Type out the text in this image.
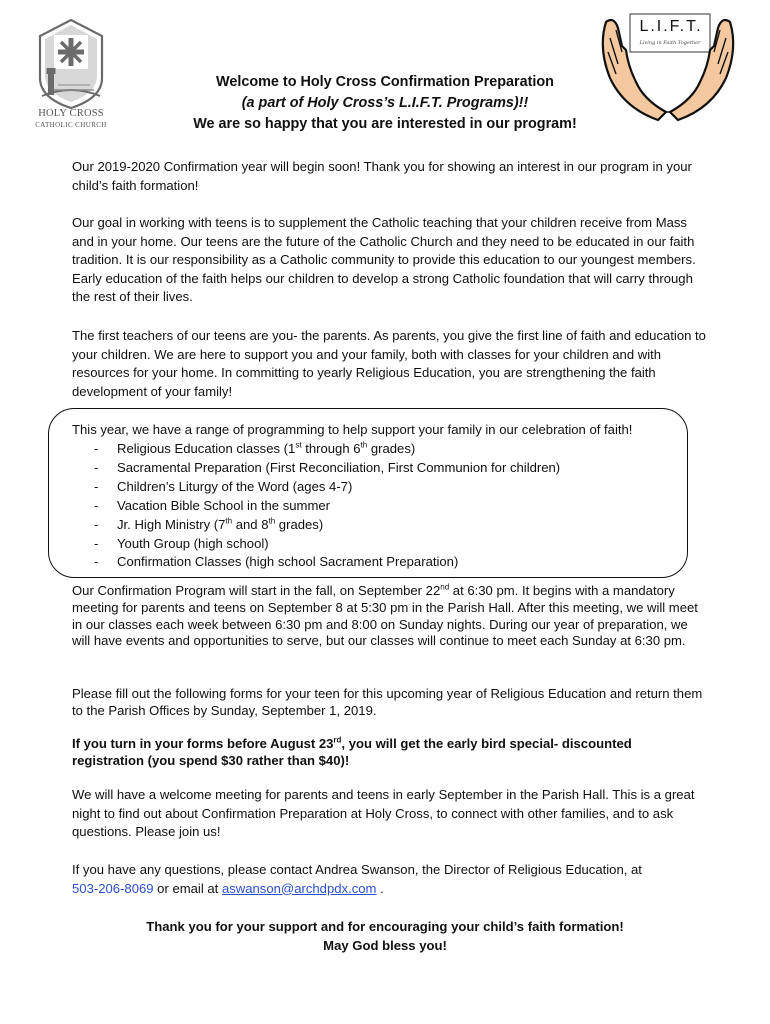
HOLY CROSS
CATHOLIC CHURCH
L.I.F.T.
Living in Faith Together
Welcome to Holy Cross Confirmation Preparation
(a part of Holy Cross’s L.I.F.T. Programs)!!
We are so happy that you are interested in our program!

Our 2019-2020 Confirmation year will begin soon! Thank you for showing an interest in our program in your child’s faith formation!

Our goal in working with teens is to supplement the Catholic teaching that your children receive from Mass and in your home. Our teens are the future of the Catholic Church and they need to be educated in our faith tradition. It is our responsibility as a Catholic community to provide this education to our youngest members. Early education of the faith helps our children to develop a strong Catholic foundation that will carry through the rest of their lives.

The first teachers of our teens are you- the parents. As parents, you give the first line of faith and education to your children. We are here to support you and your family, both with classes for your children and with resources for your home. In committing to yearly Religious Education, you are strengthening the faith development of your family!

This year, we have a range of programming to help support your family in our celebration of faith!

- Religious Education classes (1st through 6th grades)
- Sacramental Preparation (First Reconciliation, First Communion for children)
- Children’s Liturgy of the Word (ages 4-7)
- Vacation Bible School in the summer
- Jr. High Ministry (7th and 8th grades)
- Youth Group (high school)
- Confirmation Classes (high school Sacrament Preparation)

Our Confirmation Program will start in the fall, on September 22nd at 6:30 pm. It begins with a mandatory meeting for parents and teens on September 8 at 5:30 pm in the Parish Hall. After this meeting, we will meet in our classes each week between 6:30 pm and 8:00 on Sunday nights. During our year of preparation, we will have events and opportunities to serve, but our classes will continue to meet each Sunday at 6:30 pm.

Please fill out the following forms for your teen for this upcoming year of Religious Education and return them to the Parish Offices by Sunday, September 1, 2019.

If you turn in your forms before August 23rd, you will get the early bird special- discounted registration (you spend $30 rather than $40)!

We will have a welcome meeting for parents and teens in early September in the Parish Hall. This is a great night to find out about Confirmation Preparation at Holy Cross, to connect with other families, and to ask questions. Please join us!

If you have any questions, please contact Andrea Swanson, the Director of Religious Education, at
503-206-8069 or email at aswanson@archdpdx.com .

Thank you for your support and for encouraging your child’s faith formation!
May God bless you!
